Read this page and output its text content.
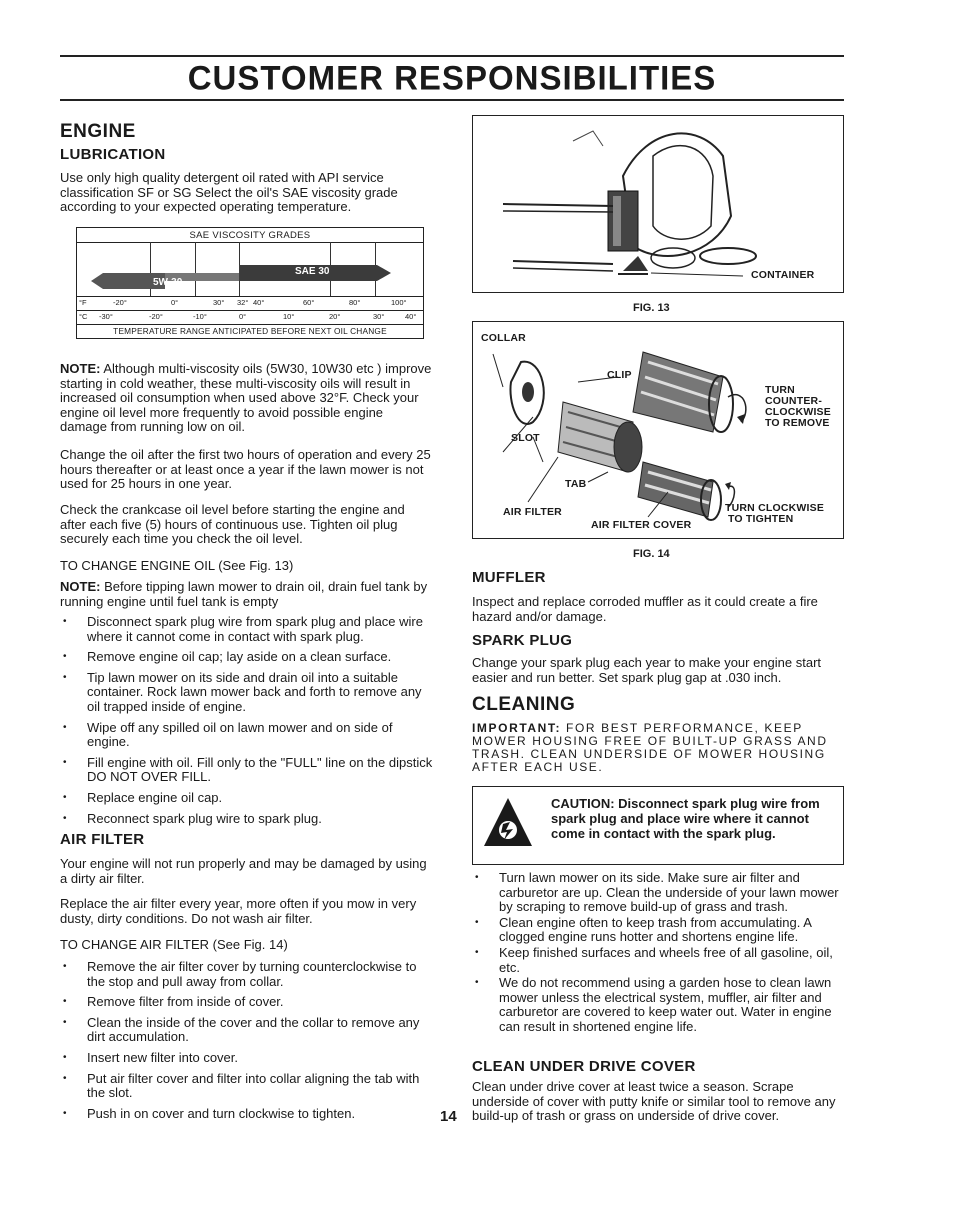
CUSTOMER RESPONSIBILITIES
ENGINE
LUBRICATION
Use only high quality detergent oil rated with API service classification SF or SG Select the oil's SAE viscosity grade according to your expected operating temperature.
SAE VISCOSITY GRADES
5W-30
SAE 30
°F	-20°	0°	30° 32° 40°	60°	80°	100°
°C -30°	-20°	-10°	0°	10°	20°	30°	40°
TEMPERATURE RANGE ANTICIPATED BEFORE NEXT OIL CHANGE
NOTE: Although multi-viscosity oils (5W30, 10W30 etc ) improve starting in cold weather, these multi-viscosity oils will result in increased oil consumption when used above 32°F. Check your engine oil level more frequently to avoid possible engine damage from running low on oil.
Change the oil after the first two hours of operation and every 25 hours thereafter or at least once a year if the lawn mower is not used for 25 hours in one year.
Check the crankcase oil level before starting the engine and after each five (5) hours of continuous use. Tighten oil plug securely each time you check the oil level.
TO CHANGE ENGINE OIL (See Fig. 13)
NOTE: Before tipping lawn mower to drain oil, drain fuel tank by running engine until fuel tank is empty
• Disconnect spark plug wire from spark plug and place wire where it cannot come in contact with spark plug.
• Remove engine oil cap; lay aside on a clean surface.
• Tip lawn mower on its side and drain oil into a suitable container. Rock lawn mower back and forth to remove any oil trapped inside of engine.
• Wipe off any spilled oil on lawn mower and on side of engine.
• Fill engine with oil. Fill only to the "FULL" line on the dipstick DO NOT OVER FILL.
• Replace engine oil cap.
• Reconnect spark plug wire to spark plug.
AIR FILTER
Your engine will not run properly and may be damaged by using a dirty air filter.
Replace the air filter every year, more often if you mow in very dusty, dirty conditions. Do not wash air filter.
TO CHANGE AIR FILTER (See Fig. 14)
• Remove the air filter cover by turning counterclockwise to the stop and pull away from collar.
• Remove filter from inside of cover.
• Clean the inside of the cover and the collar to remove any dirt accumulation.
• Insert new filter into cover.
• Put air filter cover and filter into collar aligning the tab with the slot.
• Push in on cover and turn clockwise to tighten.
CONTAINER
FIG. 13
COLLAR
CLIP
SLOT
TAB
TURN
COUNTER-
CLOCKWISE
TO REMOVE
TURN CLOCKWISE
TO TIGHTEN
AIR FILTER
AIR FILTER COVER
FIG. 14
MUFFLER
Inspect and replace corroded muffler as it could create a fire hazard and/or damage.
SPARK PLUG
Change your spark plug each year to make your engine start easier and run better. Set spark plug gap at .030 inch.
CLEANING
IMPORTANT: FOR BEST PERFORMANCE, KEEP MOWER HOUSING FREE OF BUILT-UP GRASS AND TRASH. CLEAN UNDERSIDE OF MOWER HOUSING AFTER EACH USE.
CAUTION: Disconnect spark plug wire from spark plug and place wire where it cannot come in contact with the spark plug.
• Turn lawn mower on its side. Make sure air filter and carburetor are up. Clean the underside of your lawn mower by scraping to remove build-up of grass and trash.
• Clean engine often to keep trash from accumulating. A clogged engine runs hotter and shortens engine life.
• Keep finished surfaces and wheels free of all gasoline, oil, etc.
• We do not recommend using a garden hose to clean lawn mower unless the electrical system, muffler, air filter and carburetor are covered to keep water out. Water in engine can result in shortened engine life.
CLEAN UNDER DRIVE COVER
Clean under drive cover at least twice a season. Scrape underside of cover with putty knife or similar tool to remove any build-up of trash or grass on underside of drive cover.
14
